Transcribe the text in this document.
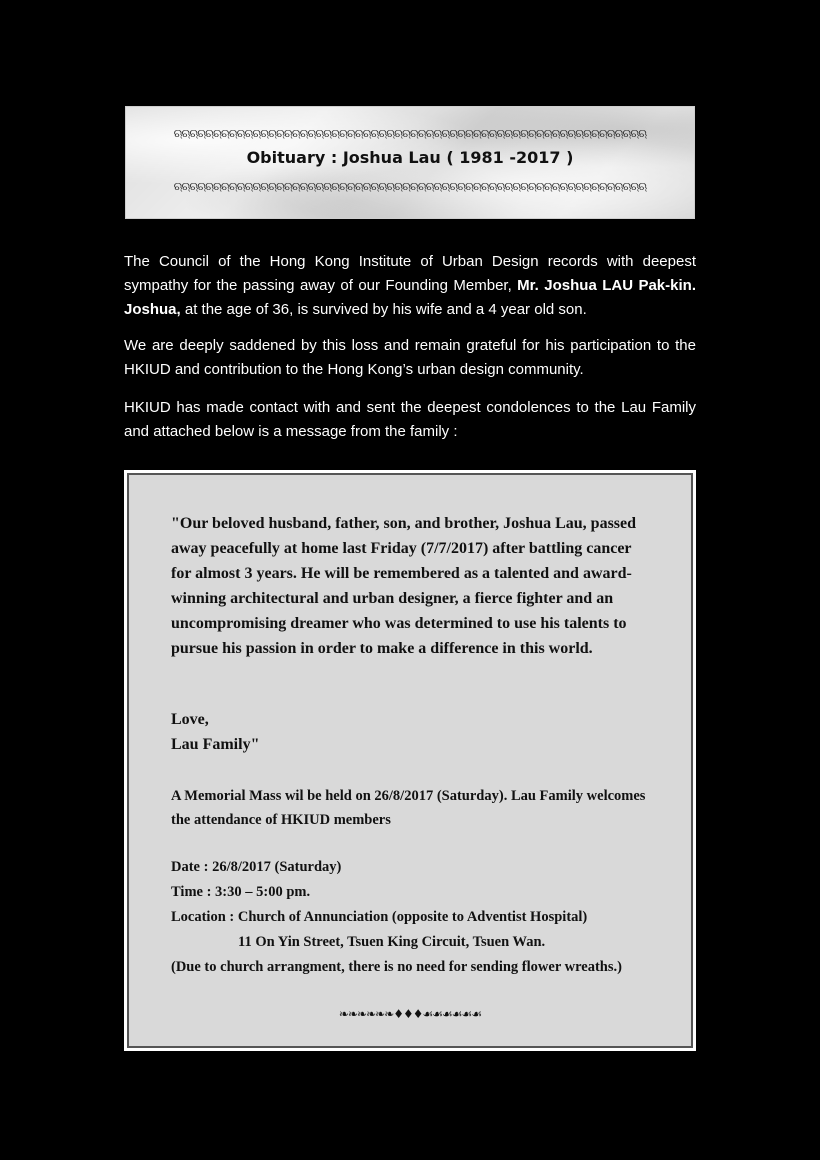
ଋଋଋଋଋଋଋଋଋଋଋଋଋଋଋଋଋଋଋଋଋଋଋଋଋଋଋଋଋଋଋଋଋଋଋଋଋଋଋଋଋଋଋଋଋଋଋଋଋଋଋଋଋଋଋଋଋଋଋଋ
Obituary : Joshua Lau ( 1981 -2017 )
ଋଋଋଋଋଋଋଋଋଋଋଋଋଋଋଋଋଋଋଋଋଋଋଋଋଋଋଋଋଋଋଋଋଋଋଋଋଋଋଋଋଋଋଋଋଋଋଋଋଋଋଋଋଋଋଋଋଋଋଋ

The Council of the Hong Kong Institute of Urban Design records with deepest sympathy for the passing away of our Founding Member, Mr. Joshua LAU Pak-kin. Joshua, at the age of 36, is survived by his wife and a 4 year old son.

We are deeply saddened by this loss and remain grateful for his participation to the HKIUD and contribution to the Hong Kong’s urban design community.

HKIUD has made contact with and sent the deepest condolences to the Lau Family and attached below is a message from the family :

"Our beloved husband, father, son, and brother, Joshua Lau, passed away peacefully at home last Friday (7/7/2017) after battling cancer for almost 3 years. He will be remembered as a talented and award-winning architectural and urban designer, a fierce fighter and an uncompromising dreamer who was determined to use his talents to pursue his passion in order to make a difference in this world.

Love,
Lau Family"

A Memorial Mass wil be held on 26/8/2017 (Saturday). Lau Family welcomes the attendance of HKIUD members

Date : 26/8/2017 (Saturday)
Time : 3:30 – 5:00 pm.
Location : Church of Annunciation (opposite to Adventist Hospital)
11 On Yin Street, Tsuen King Circuit, Tsuen Wan.
(Due to church arrangment, there is no need for sending flower wreaths.)

❧❧❧❧❧❧♦♦♦☙☙☙☙☙☙
